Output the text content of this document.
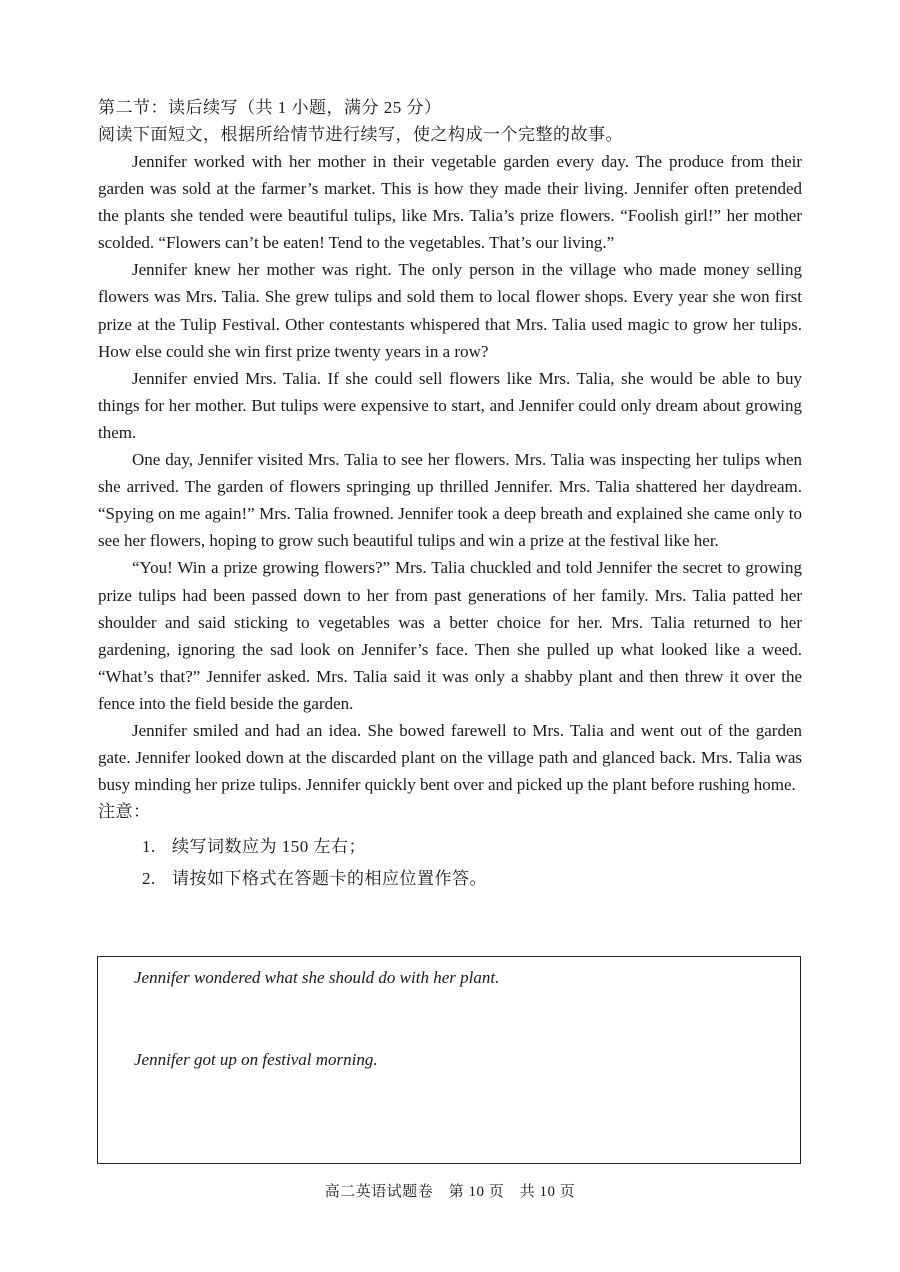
第二节：读后续写（共 1 小题，满分 25 分）

阅读下面短文，根据所给情节进行续写，使之构成一个完整的故事。

Jennifer worked with her mother in their vegetable garden every day. The produce from their garden was sold at the farmer’s market. This is how they made their living. Jennifer often pretended the plants she tended were beautiful tulips, like Mrs. Talia’s prize flowers. “Foolish girl!” her mother scolded. “Flowers can’t be eaten! Tend to the vegetables. That’s our living.”

Jennifer knew her mother was right. The only person in the village who made money selling flowers was Mrs. Talia. She grew tulips and sold them to local flower shops. Every year she won first prize at the Tulip Festival. Other contestants whispered that Mrs. Talia used magic to grow her tulips. How else could she win first prize twenty years in a row?

Jennifer envied Mrs. Talia. If she could sell flowers like Mrs. Talia, she would be able to buy things for her mother. But tulips were expensive to start, and Jennifer could only dream about growing them.

One day, Jennifer visited Mrs. Talia to see her flowers. Mrs. Talia was inspecting her tulips when she arrived. The garden of flowers springing up thrilled Jennifer. Mrs. Talia shattered her daydream. “Spying on me again!” Mrs. Talia frowned. Jennifer took a deep breath and explained she came only to see her flowers, hoping to grow such beautiful tulips and win a prize at the festival like her.

“You! Win a prize growing flowers?” Mrs. Talia chuckled and told Jennifer the secret to growing prize tulips had been passed down to her from past generations of her family. Mrs. Talia patted her shoulder and said sticking to vegetables was a better choice for her. Mrs. Talia returned to her gardening, ignoring the sad look on Jennifer’s face. Then she pulled up what looked like a weed. “What’s that?” Jennifer asked. Mrs. Talia said it was only a shabby plant and then threw it over the fence into the field beside the garden.

Jennifer smiled and had an idea. She bowed farewell to Mrs. Talia and went out of the garden gate. Jennifer looked down at the discarded plant on the village path and glanced back. Mrs. Talia was busy minding her prize tulips. Jennifer quickly bent over and picked up the plant before rushing home.

注意：

1. 续写词数应为 150 左右；
2. 请按如下格式在答题卡的相应位置作答。

Jennifer wondered what she should do with her plant.

Jennifer got up on festival morning.

高二英语试题卷　第 10 页　共 10 页
